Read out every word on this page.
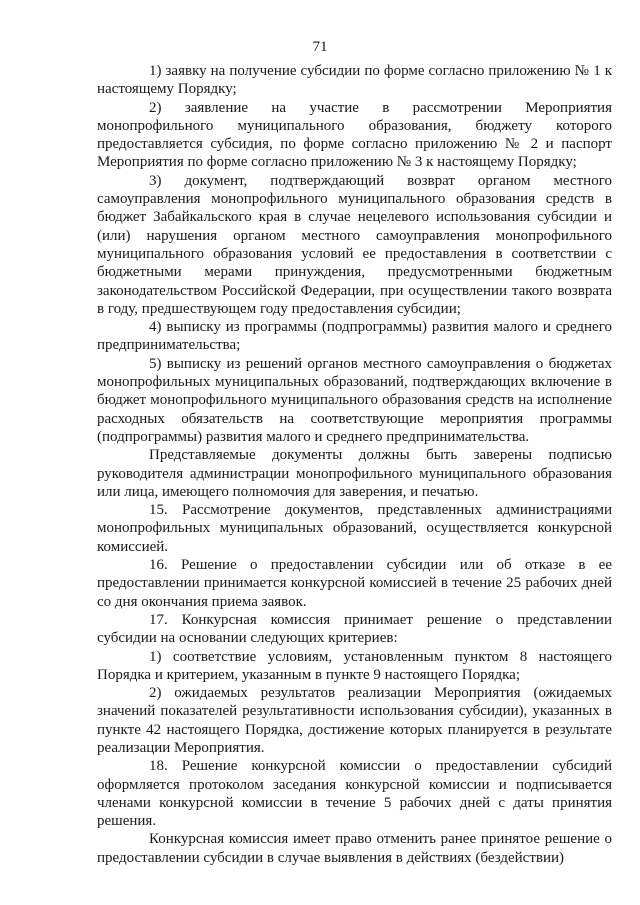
71

1) заявку на получение субсидии по форме согласно приложению № 1 к настоящему Порядку;

2) заявление на участие в рассмотрении Мероприятия монопрофильного муниципального образования, бюджету которого предоставляется субсидия, по форме согласно приложению № 2 и паспорт Мероприятия по форме согласно приложению № 3 к настоящему Порядку;

3) документ, подтверждающий возврат органом местного самоуправления монопрофильного муниципального образования средств в бюджет Забайкальского края в случае нецелевого использования субсидии и (или) нарушения органом местного самоуправления монопрофильного муниципального образования условий ее предоставления в соответствии с бюджетными мерами принуждения, предусмотренными бюджетным законодательством Российской Федерации, при осуществлении такого возврата в году, предшествующем году предоставления субсидии;

4) выписку из программы (подпрограммы) развития малого и среднего предпринимательства;

5) выписку из решений органов местного самоуправления о бюджетах монопрофильных муниципальных образований, подтверждающих включение в бюджет монопрофильного муниципального образования средств на исполнение расходных обязательств на соответствующие мероприятия программы (подпрограммы) развития малого и среднего предпринимательства.

Представляемые документы должны быть заверены подписью руководителя администрации монопрофильного муниципального образования или лица, имеющего полномочия для заверения, и печатью.

15. Рассмотрение документов, представленных администрациями монопрофильных муниципальных образований, осуществляется конкурсной комиссией.

16. Решение о предоставлении субсидии или об отказе в ее предоставлении принимается конкурсной комиссией в течение 25 рабочих дней со дня окончания приема заявок.

17. Конкурсная комиссия принимает решение о представлении субсидии на основании следующих критериев:

1) соответствие условиям, установленным пунктом 8 настоящего Порядка и критерием, указанным в пункте 9 настоящего Порядка;

2) ожидаемых результатов реализации Мероприятия (ожидаемых значений показателей результативности использования субсидии), указанных в пункте 42 настоящего Порядка, достижение которых планируется в результате реализации Мероприятия.

18. Решение конкурсной комиссии о предоставлении субсидий оформляется протоколом заседания конкурсной комиссии и подписывается членами конкурсной комиссии в течение 5 рабочих дней с даты принятия решения.

Конкурсная комиссия имеет право отменить ранее принятое решение о предоставлении субсидии в случае выявления в действиях (бездействии)
